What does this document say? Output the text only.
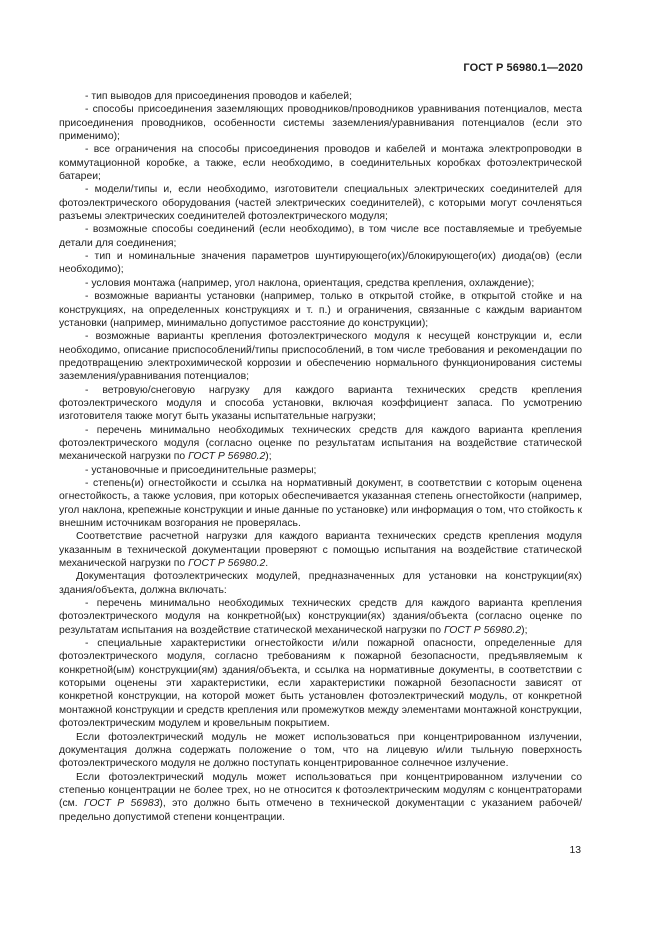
ГОСТ Р 56980.1—2020

- тип выводов для присоединения проводов и кабелей;

- способы присоединения заземляющих проводников/проводников уравнивания потенциалов, места присоединения проводников, особенности системы заземления/уравнивания потенциалов (если это применимо);

- все ограничения на способы присоединения проводов и кабелей и монтажа электропроводки в коммутационной коробке, а также, если необходимо, в соединительных коробках фотоэлектрической батареи;

- модели/типы и, если необходимо, изготовители специальных электрических соединителей для фотоэлектрического оборудования (частей электрических соединителей), с которыми могут сочленяться разъемы электрических соединителей фотоэлектрического модуля;

- возможные способы соединений (если необходимо), в том числе все поставляемые и требуемые детали для соединения;

- тип и номинальные значения параметров шунтирующего(их)/блокирующего(их) диода(ов) (если необходимо);

- условия монтажа (например, угол наклона, ориентация, средства крепления, охлаждение);

- возможные варианты установки (например, только в открытой стойке, в открытой стойке и на конструкциях, на определенных конструкциях и т. п.) и ограничения, связанные с каждым вариантом установки (например, минимально допустимое расстояние до конструкции);

- возможные варианты крепления фотоэлектрического модуля к несущей конструкции и, если необходимо, описание приспособлений/типы приспособлений, в том числе требования и рекомендации по предотвращению электрохимической коррозии и обеспечению нормального функционирования системы заземления/уравнивания потенциалов;

- ветровую/снеговую нагрузку для каждого варианта технических средств крепления фотоэлектрического модуля и способа установки, включая коэффициент запаса. По усмотрению изготовителя также могут быть указаны испытательные нагрузки;

- перечень минимально необходимых технических средств для каждого варианта крепления фотоэлектрического модуля (согласно оценке по результатам испытания на воздействие статической механической нагрузки по ГОСТ Р 56980.2);

- установочные и присоединительные размеры;

- степень(и) огнестойкости и ссылка на нормативный документ, в соответствии с которым оценена огнестойкость, а также условия, при которых обеспечивается указанная степень огнестойкости (например, угол наклона, крепежные конструкции и иные данные по установке) или информация о том, что стойкость к внешним источникам возгорания не проверялась.

Соответствие расчетной нагрузки для каждого варианта технических средств крепления модуля указанным в технической документации проверяют с помощью испытания на воздействие статической механической нагрузки по ГОСТ Р 56980.2.

Документация фотоэлектрических модулей, предназначенных для установки на конструкции(ях) здания/объекта, должна включать:

- перечень минимально необходимых технических средств для каждого варианта крепления фотоэлектрического модуля на конкретной(ых) конструкции(ях) здания/объекта (согласно оценке по результатам испытания на воздействие статической механической нагрузки по ГОСТ Р 56980.2);

- специальные характеристики огнестойкости и/или пожарной опасности, определенные для фотоэлектрического модуля, согласно требованиям к пожарной безопасности, предъявляемым к конкретной(ым) конструкции(ям) здания/объекта, и ссылка на нормативные документы, в соответствии с которыми оценены эти характеристики, если характеристики пожарной безопасности зависят от конкретной конструкции, на которой может быть установлен фотоэлектрический модуль, от конкретной монтажной конструкции и средств крепления или промежутков между элементами монтажной конструкции, фотоэлектрическим модулем и кровельным покрытием.

Если фотоэлектрический модуль не может использоваться при концентрированном излучении, документация должна содержать положение о том, что на лицевую и/или тыльную поверхность фотоэлектрического модуля не должно поступать концентрированное солнечное излучение.

Если фотоэлектрический модуль может использоваться при концентрированном излучении со степенью концентрации не более трех, но не относится к фотоэлектрическим модулям с концентраторами (см. ГОСТ Р 56983), это должно быть отмечено в технической документации с указанием рабочей/предельно допустимой степени концентрации.

13
